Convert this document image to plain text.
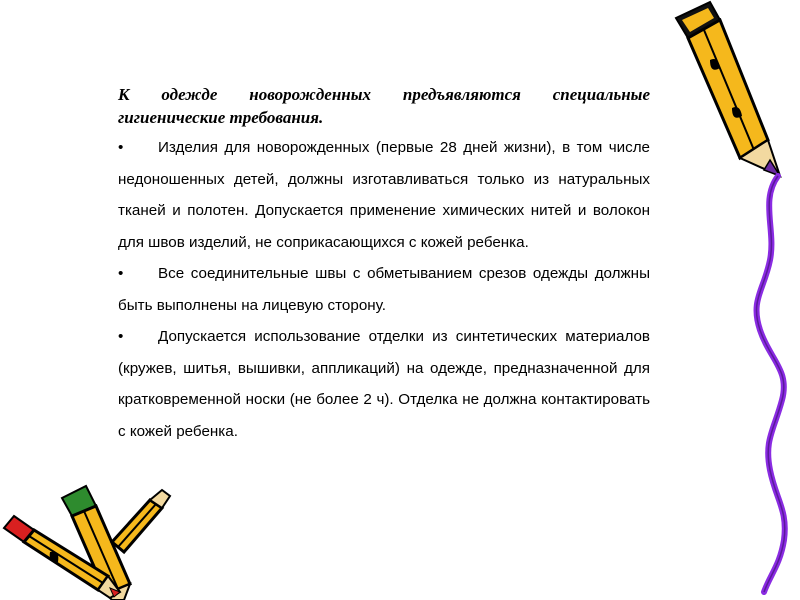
К одежде новорожденных предъявляются специальные гигиенические требования.

• Изделия для новорожденных (первые 28 дней жизни), в том числе недоношенных детей, должны изготавливаться только из натуральных тканей и полотен. Допускается применение химических нитей и волокон для швов изделий, не соприкасающихся с кожей ребенка.

• Все соединительные швы с обметыванием срезов одежды должны быть выполнены на лицевую сторону.

• Допускается использование отделки из синтетических материалов (кружев, шитья, вышивки, аппликаций) на одежде, предназначенной для кратковременной носки (не более 2 ч). Отделка не должна контактировать с кожей ребенка.
